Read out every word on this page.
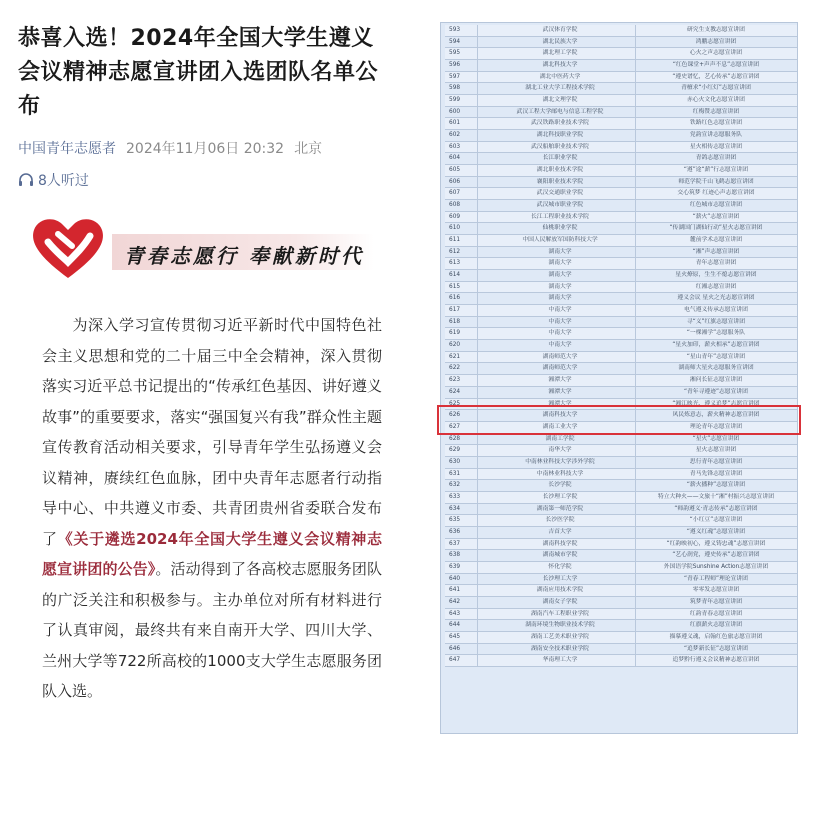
恭喜入选！2024年全国大学生遵义会议精神志愿宣讲团入选团队名单公布
中国青年志愿者 2024年11月06日 20:32 北京
8人听过
青春志愿行 奉献新时代
为深入学习宣传贯彻习近平新时代中国特色社会主义思想和党的二十届三中全会精神，深入贯彻落实习近平总书记提出的“传承红色基因、讲好遵义故事”的重要要求，落实“强国复兴有我”群众性主题宣传教育活动相关要求，引导青年学生弘扬遵义会议精神，赓续红色血脉，团中央青年志愿者行动指导中心、中共遵义市委、共青团贵州省委联合发布了《关于遴选2024年全国大学生遵义会议精神志愿宣讲团的公告》。活动得到了各高校志愿服务团队的广泛关注和积极参与。主办单位对所有材料进行了认真审阅，最终共有来自南开大学、四川大学、兰州大学等722所高校的1000支大学生志愿服务团队入选。
593	武汉体育学院	研究生支教志愿宣讲团
594	湖北民族大学	鸿鹏志愿宣讲团
595	湖北理工学院	心火之声志愿宣讲团
596	湖北科技大学	“红色课堂+声声不息”志愿宣讲团
597	湖北中医药大学	“遵史谱忆，艺心传承”志愿宣讲团
598	湖北工业大学工程技术学院	青檀求“小红灯”志愿宣讲团
599	湖北文理学院	赤心火文化志愿宣讲团
600	武汉工程大学邮电与信息工程学院	红梅赞志愿宣讲团
601	武汉铁路职业技术学院	铁路红色志愿宣讲团
602	湖北科技职业学院	党韵宣讲志愿服务队
603	武汉船舶职业技术学院	星火相传志愿宣讲团
604	长江职业学院	青鸽志愿宣讲团
605	湖北职业技术学院	“遵”途“薪”行志愿宣讲团
606	襄阳职业技术学院	师范学院千山飞鹤志愿宣讲团
607	武汉交通职业学院	交心筑梦 红迹心声志愿宣讲团
608	武汉城市职业学院	红色城市志愿宣讲团
609	长江工程职业技术学院	“薪火”志愿宣讲团
610	仙桃职业学院	“传湖国门湖仙行动”星火志愿宣讲团
611	中国人民解放军国防科技大学	麓前学术志愿宣讲团
612	湖南大学	“湘”声志愿宣讲团
613	湖南大学	青年志愿宣讲团
614	湖南大学	星火燎原，生生不熄志愿宣讲团
615	湖南大学	红湘志愿宣讲团
616	湖南大学	遵义会议 星火之光志愿宣讲团
617	中南大学	电气遵义传承志愿宣讲团
618	中南大学	寻“义”红旗志愿宣讲团
619	中南大学	“一棵湘学”志愿服务队
620	中南大学	“星火加印，薪火相承”志愿宣讲团
621	湖南师范大学	“星山青年”志愿宣讲团
622	湖南师范大学	湖南师大星火志愿服务宣讲团
623	湘潭大学	湘问长征志愿宣讲团
624	湘潭大学	“青年寻遵迹”志愿宣讲团
625	湘潭大学	“湘江映光，遵义追梦”志愿宣讲团
626	湖南科技大学	风民炼意志，薪火精神志愿宣讲团
627	湖南工业大学	理论青年志愿宣讲团
628	湖南工学院	“星火”志愿宣讲团
629	南华大学	星火志愿宣讲团
630	中南林业科技大学涉外学院	思行青年志愿宣讲团
631	中南林业科技大学	青马先锋志愿宣讲团
632	长沙学院	“薪火播种”志愿宣讲团
633	长沙理工学院	特立大种火——文旅十“湘”村振兴志愿宣讲团
634	湖南第一师范学院	“师韵遵义·青志传承”志愿宣讲团
635	长沙医学院	“小红豆”志愿宣讲团
636	吉首大学	“遵义红魂”志愿宣讲团
637	湖南科技学院	“红韵映初心，遵义铸忠魂”志愿宣讲团
638	湖南城市学院	“艺心润党，遵史传承”志愿宣讲团
639	怀化学院	外国语学院Sunshine Action志愿宣讲团
640	长沙理工大学	“青春工程师”理论宣讲团
641	湖南应用技术学院	零零发志愿宣讲团
642	湖南女子学院	筑梦青年志愿宣讲团
643	湖南汽车工程职业学院	红韵青春志愿宣讲团
644	湖南环境生物职业技术学院	红旗薪火志愿宣讲团
645	湖南工艺美术职业学院	描摹遵义魂，启翰红色旅志愿宣讲团
646	湖南安全技术职业学院	“追梦新长征”志愿宣讲团
647	华南理工大学	追梦黔行遵义会议精神志愿宣讲团
